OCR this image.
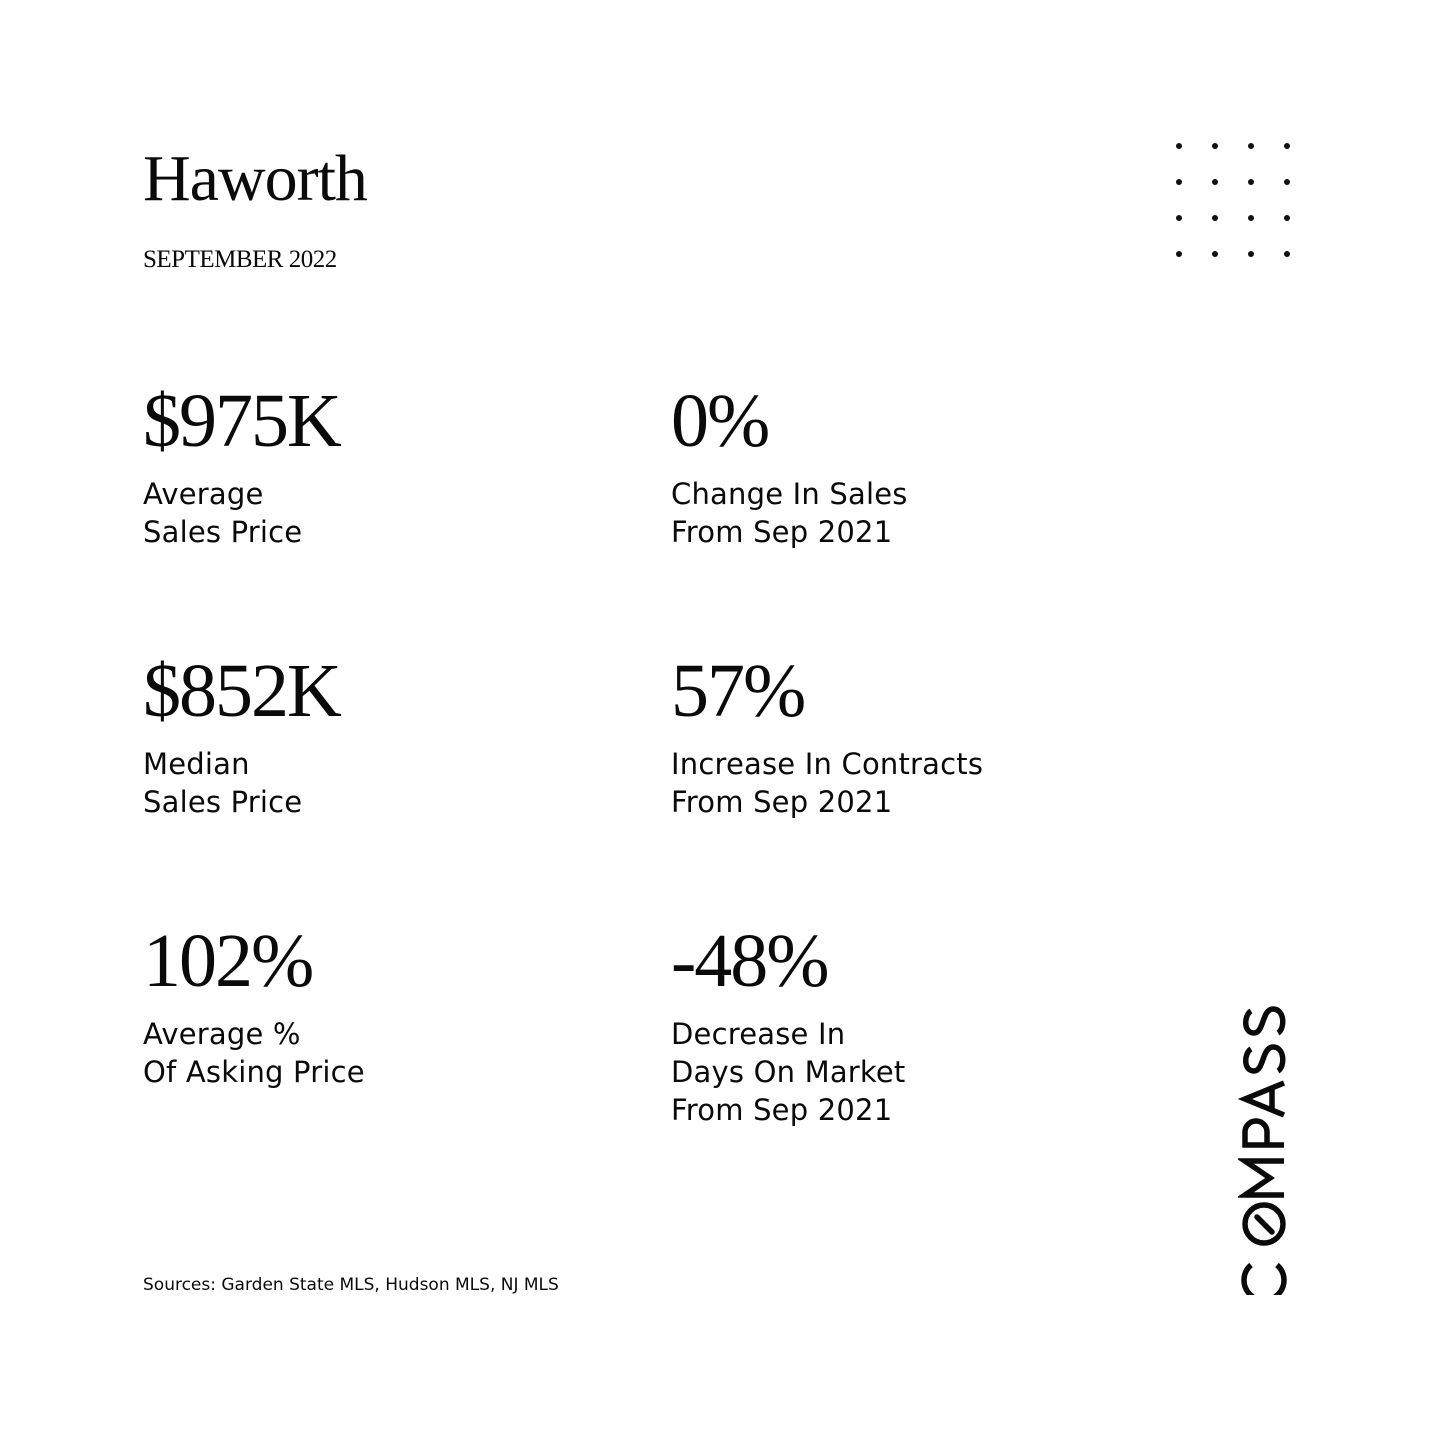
Haworth
SEPTEMBER 2022
$975K
Average
Sales Price
0%
Change In Sales
From Sep 2021
$852K
Median
Sales Price
57%
Increase In Contracts
From Sep 2021
102%
Average %
Of Asking Price
-48%
Decrease In
Days On Market
From Sep 2021
Sources: Garden State MLS, Hudson MLS, NJ MLS
